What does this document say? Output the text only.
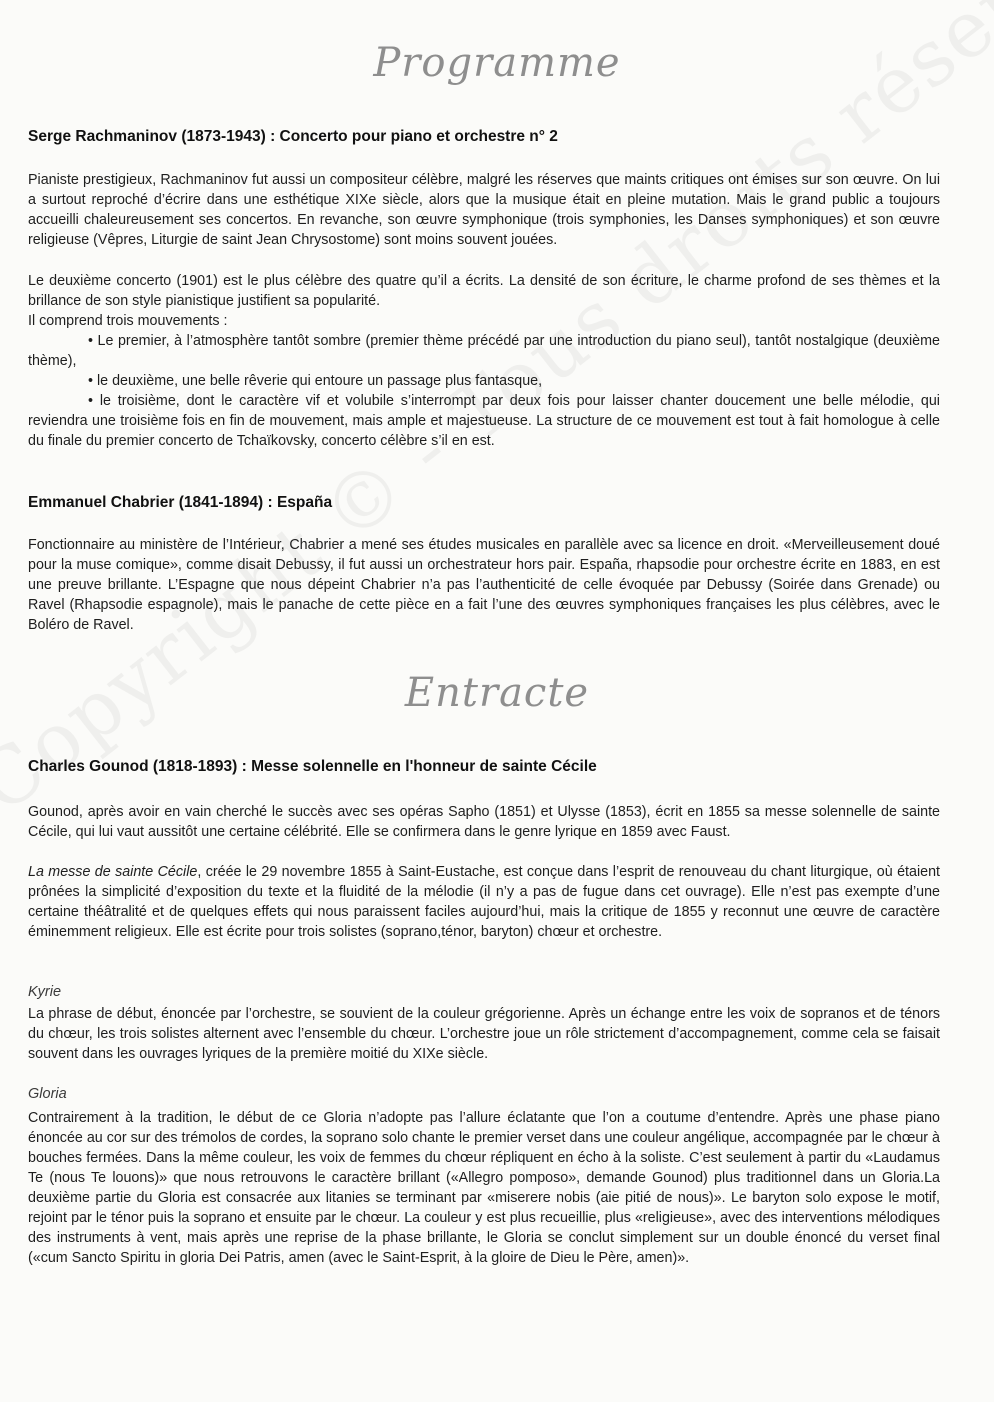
Programme
Serge Rachmaninov (1873-1943) : Concerto pour piano et orchestre n° 2

Pianiste prestigieux, Rachmaninov fut aussi un compositeur célèbre, malgré les réserves que maints critiques ont émises sur son œuvre. On lui a surtout reproché d’écrire dans une esthétique XIXe siècle, alors que la musique était en pleine mutation. Mais le grand public a toujours accueilli chaleureusement ses concertos. En revanche, son œuvre symphonique (trois symphonies, les Danses symphoniques) et son œuvre religieuse (Vêpres, Liturgie de saint Jean Chrysostome) sont moins souvent jouées.

Le deuxième concerto (1901) est le plus célèbre des quatre qu’il a écrits. La densité de son écriture, le charme profond de ses thèmes et la brillance de son style pianistique justifient sa popularité.

Il comprend trois mouvements :

• Le premier, à l’atmosphère tantôt sombre (premier thème précédé par une introduction du piano seul), tantôt nostalgique (deuxième thème),

• le deuxième, une belle rêverie qui entoure un passage plus fantasque,

• le troisième, dont le caractère vif et volubile s’interrompt par deux fois pour laisser chanter doucement une belle mélodie, qui reviendra une troisième fois en fin de mouvement, mais ample et majestueuse. La structure de ce mouvement est tout à fait homologue à celle du finale du premier concerto de Tchaïkovsky, concerto célèbre s’il en est.

Emmanuel Chabrier (1841-1894) : España

Fonctionnaire au ministère de l’Intérieur, Chabrier a mené ses études musicales en parallèle avec sa licence en droit. «Merveilleusement doué pour la muse comique», comme disait Debussy, il fut aussi un orchestrateur hors pair. España, rhapsodie pour orchestre écrite en 1883, en est une preuve brillante. L’Espagne que nous dépeint Chabrier n’a pas l’authenticité de celle évoquée par Debussy (Soirée dans Grenade) ou Ravel (Rhapsodie espagnole), mais le panache de cette pièce en a fait l’une des œuvres symphoniques françaises les plus célèbres, avec le Boléro de Ravel.

Entracte
Charles Gounod (1818-1893) : Messe solennelle en l'honneur de sainte Cécile

Gounod, après avoir en vain cherché le succès avec ses opéras Sapho (1851) et Ulysse (1853), écrit en 1855 sa messe solennelle de sainte Cécile, qui lui vaut aussitôt une certaine célébrité. Elle se confirmera dans le genre lyrique en 1859 avec Faust.

La messe de sainte Cécile, créée le 29 novembre 1855 à Saint-Eustache, est conçue dans l’esprit de renouveau du chant liturgique, où étaient prônées la simplicité d’exposition du texte et la fluidité de la mélodie (il n’y a pas de fugue dans cet ouvrage). Elle n’est pas exempte d’une certaine théâtralité et de quelques effets qui nous paraissent faciles aujourd’hui, mais la critique de 1855 y reconnut une œuvre de caractère éminemment religieux. Elle est écrite pour trois solistes (soprano,ténor, baryton) chœur et orchestre.

Kyrie

La phrase de début, énoncée par l’orchestre, se souvient de la couleur grégorienne. Après un échange entre les voix de sopranos et de ténors du chœur, les trois solistes alternent avec l’ensemble du chœur. L’orchestre joue un rôle strictement d’accompagnement, comme cela se faisait souvent dans les ouvrages lyriques de la première moitié du XIXe siècle.

Gloria

Contrairement à la tradition, le début de ce Gloria n’adopte pas l’allure éclatante que l’on a coutume d’entendre. Après une phase piano énoncée au cor sur des trémolos de cordes, la soprano solo chante le premier verset dans une couleur angélique, accompagnée par le chœur à bouches fermées. Dans la même couleur, les voix de femmes du chœur répliquent en écho à la soliste. C’est seulement à partir du «Laudamus Te (nous Te louons)» que nous retrouvons le caractère brillant («Allegro pomposo», demande Gounod) plus traditionnel dans un Gloria.La deuxième partie du Gloria est consacrée aux litanies se terminant par «miserere nobis (aie pitié de nous)». Le baryton solo expose le motif, rejoint par le ténor puis la soprano et ensuite par le chœur. La couleur y est plus recueillie, plus «religieuse», avec des interventions mélodiques des instruments à vent, mais après une reprise de la phase brillante, le Gloria se conclut simplement sur un double énoncé du verset final («cum Sancto Spiritu in gloria Dei Patris, amen (avec le Saint-Esprit, à la gloire de Dieu le Père, amen)».
